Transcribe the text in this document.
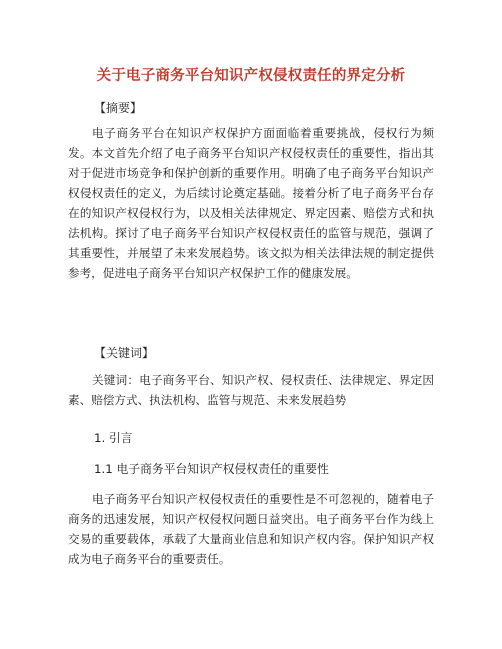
关于电子商务平台知识产权侵权责任的界定分析
【摘要】
电子商务平台在知识产权保护方面面临着重要挑战，侵权行为频发。本文首先介绍了电子商务平台知识产权侵权责任的重要性，指出其对于促进市场竞争和保护创新的重要作用。明确了电子商务平台知识产权侵权责任的定义，为后续讨论奠定基础。接着分析了电子商务平台存在的知识产权侵权行为，以及相关法律规定、界定因素、赔偿方式和执法机构。探讨了电子商务平台知识产权侵权责任的监管与规范，强调了其重要性，并展望了未来发展趋势。该文拟为相关法律法规的制定提供参考，促进电子商务平台知识产权保护工作的健康发展。
【关键词】
关键词：电子商务平台、知识产权、侵权责任、法律规定、界定因素、赔偿方式、执法机构、监管与规范、未来发展趋势
1. 引言
1.1 电子商务平台知识产权侵权责任的重要性
电子商务平台知识产权侵权责任的重要性是不可忽视的，随着电子商务的迅速发展，知识产权侵权问题日益突出。电子商务平台作为线上交易的重要载体，承载了大量商业信息和知识产权内容。保护知识产权成为电子商务平台的重要责任。
